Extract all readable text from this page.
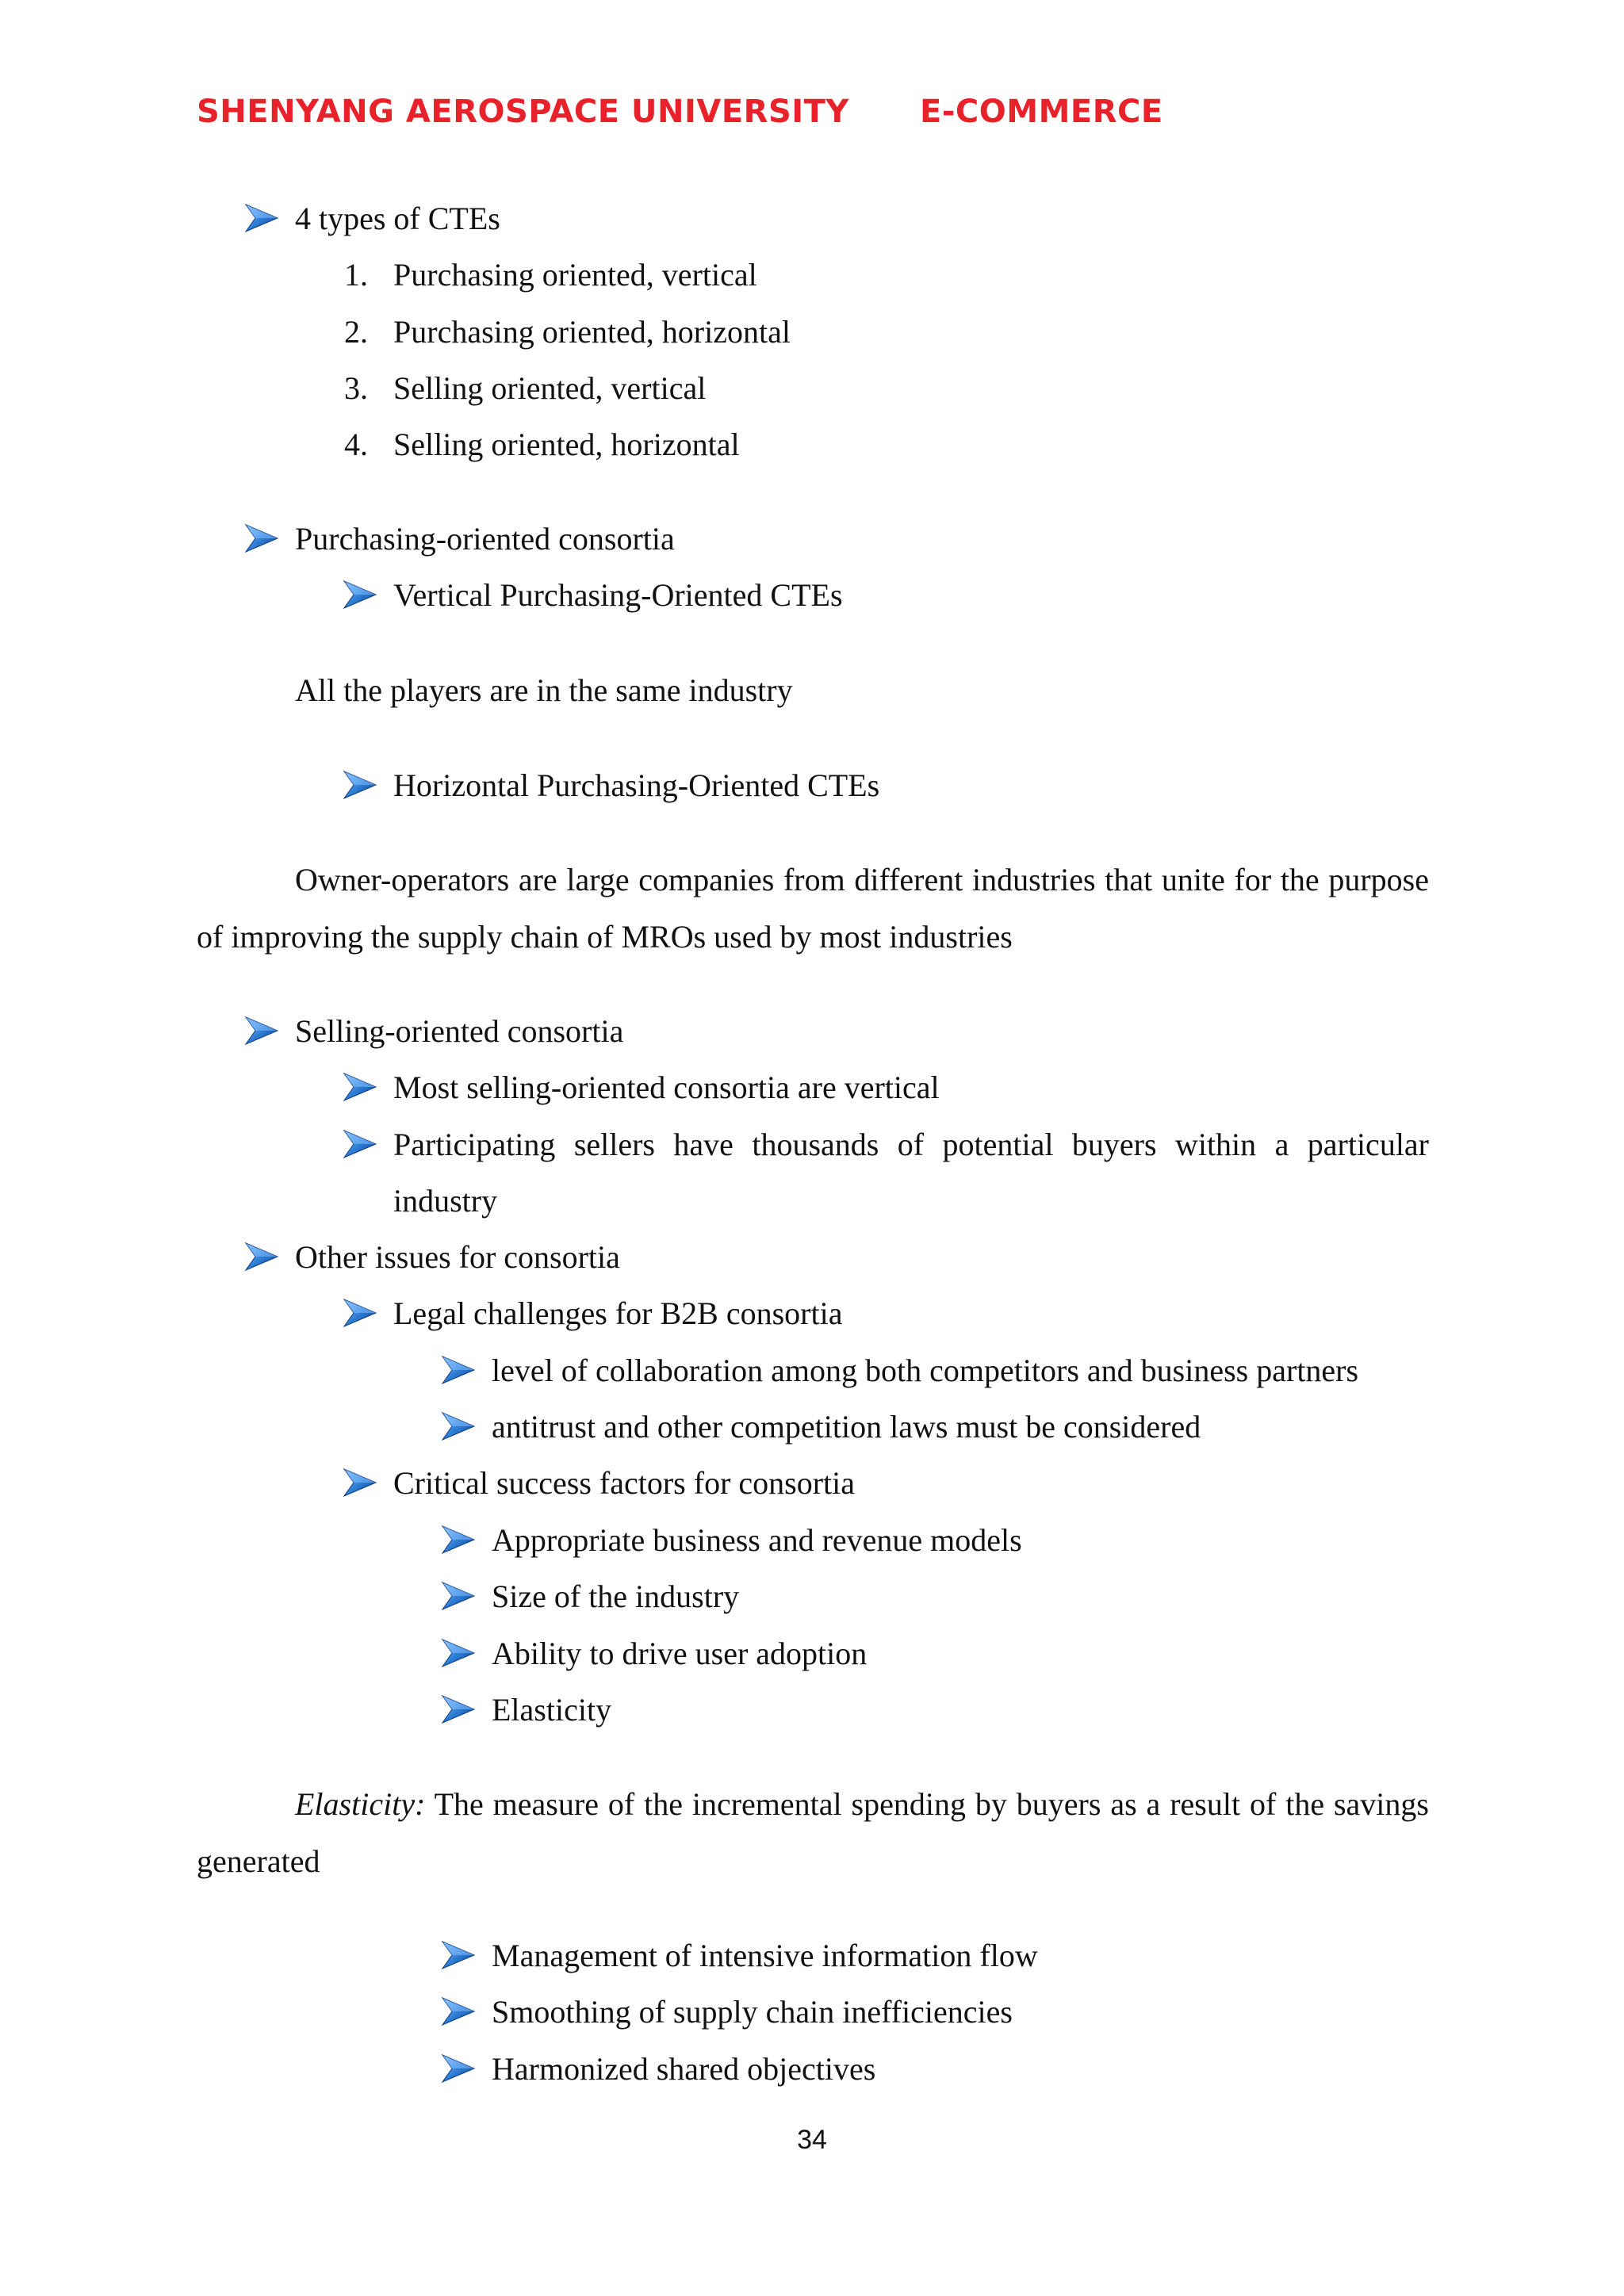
SHENYANG AEROSPACE UNIVERSITY E-COMMERCE
4 types of CTEs
1. Purchasing oriented, vertical
2. Purchasing oriented, horizontal
3. Selling oriented, vertical
4. Selling oriented, horizontal
Purchasing-oriented consortia
Vertical Purchasing-Oriented CTEs
All the players are in the same industry
Horizontal Purchasing-Oriented CTEs
Owner-operators are large companies from different industries that unite for the purpose of improving the supply chain of MROs used by most industries
Selling-oriented consortia
Most selling-oriented consortia are vertical
Participating sellers have thousands of potential buyers within a particular
industry
Other issues for consortia
Legal challenges for B2B consortia
level of collaboration among both competitors and business partners
antitrust and other competition laws must be considered
Critical success factors for consortia
Appropriate business and revenue models
Size of the industry
Ability to drive user adoption
Elasticity
Elasticity: The measure of the incremental spending by buyers as a result of the savings generated
Management of intensive information flow
Smoothing of supply chain inefficiencies
Harmonized shared objectives
34
